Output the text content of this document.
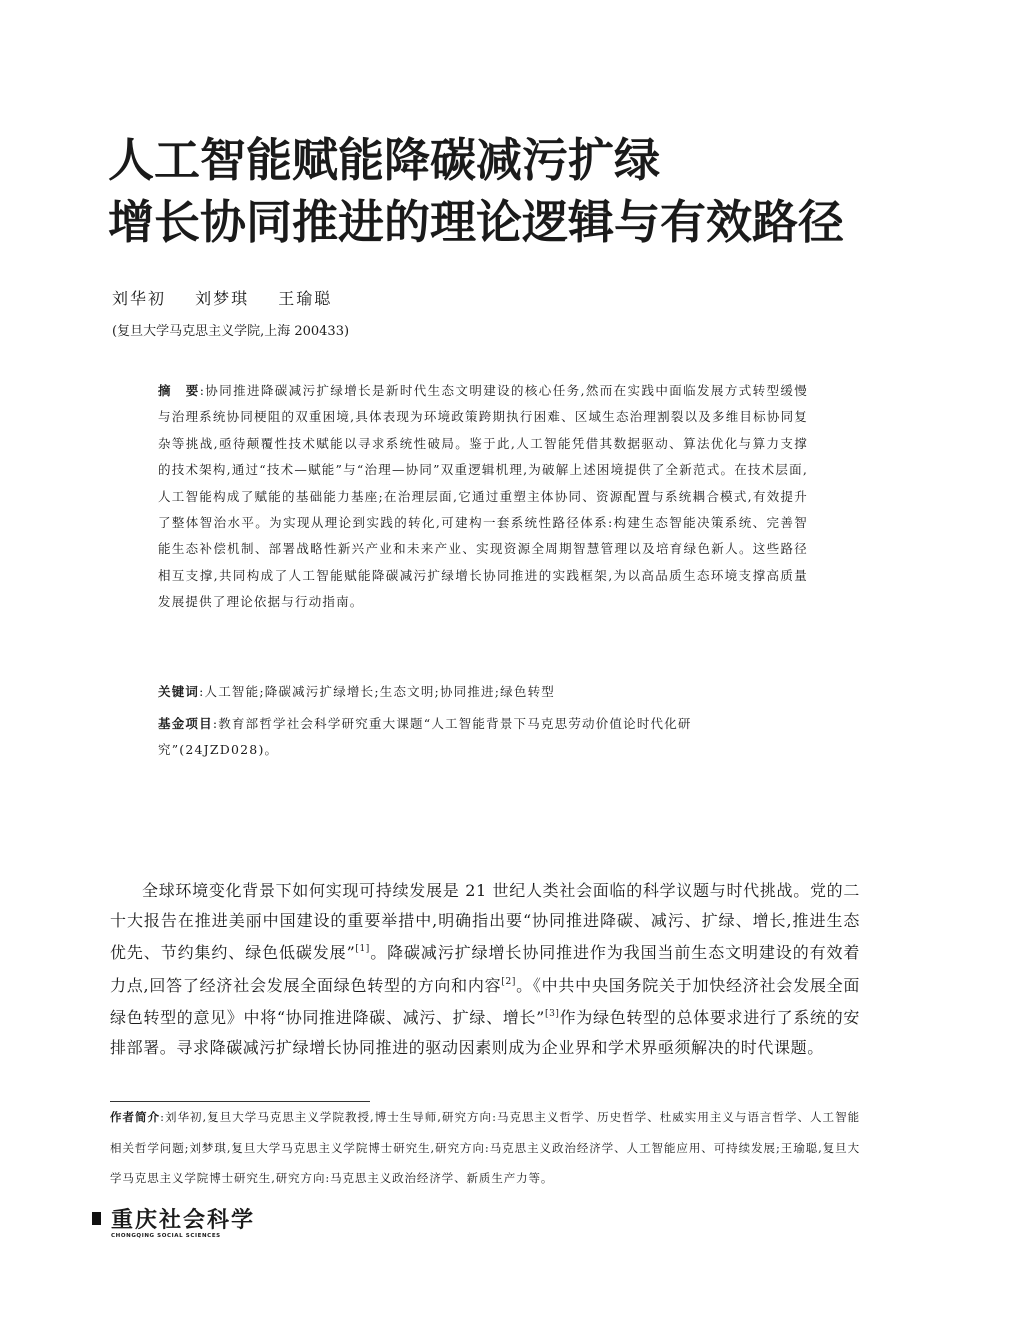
人工智能赋能降碳减污扩绿
增长协同推进的理论逻辑与有效路径
刘华初 刘梦琪 王瑜聪
(复旦大学马克思主义学院,上海 200433)

摘　要:协同推进降碳减污扩绿增长是新时代生态文明建设的核心任务,然而在实践中面临发展方式转型缓慢与治理系统协同梗阻的双重困境,具体表现为环境政策跨期执行困难、区域生态治理割裂以及多维目标协同复杂等挑战,亟待颠覆性技术赋能以寻求系统性破局。鉴于此,人工智能凭借其数据驱动、算法优化与算力支撑的技术架构,通过“技术—赋能”与“治理—协同”双重逻辑机理,为破解上述困境提供了全新范式。在技术层面,人工智能构成了赋能的基础能力基座;在治理层面,它通过重塑主体协同、资源配置与系统耦合模式,有效提升了整体智治水平。为实现从理论到实践的转化,可建构一套系统性路径体系:构建生态智能决策系统、完善智能生态补偿机制、部署战略性新兴产业和未来产业、实现资源全周期智慧管理以及培育绿色新人。这些路径相互支撑,共同构成了人工智能赋能降碳减污扩绿增长协同推进的实践框架,为以高品质生态环境支撑高质量发展提供了理论依据与行动指南。

关键词:人工智能;降碳减污扩绿增长;生态文明;协同推进;绿色转型
基金项目:教育部哲学社会科学研究重大课题“人工智能背景下马克思劳动价值论时代化研究”(24JZD028)。

全球环境变化背景下如何实现可持续发展是 21 世纪人类社会面临的科学议题与时代挑战。党的二十大报告在推进美丽中国建设的重要举措中,明确指出要“协同推进降碳、减污、扩绿、增长,推进生态优先、节约集约、绿色低碳发展”[1]。降碳减污扩绿增长协同推进作为我国当前生态文明建设的有效着力点,回答了经济社会发展全面绿色转型的方向和内容[2]。《中共中央国务院关于加快经济社会发展全面绿色转型的意见》中将“协同推进降碳、减污、扩绿、增长”[3]作为绿色转型的总体要求进行了系统的安排部署。寻求降碳减污扩绿增长协同推进的驱动因素则成为企业界和学术界亟须解决的时代课题。

作者简介:刘华初,复旦大学马克思主义学院教授,博士生导师,研究方向:马克思主义哲学、历史哲学、杜威实用主义与语言哲学、人工智能相关哲学问题;刘梦琪,复旦大学马克思主义学院博士研究生,研究方向:马克思主义政治经济学、人工智能应用、可持续发展;王瑜聪,复旦大学马克思主义学院博士研究生,研究方向:马克思主义政治经济学、新质生产力等。

重庆社会科学
CHONGQING SOCIAL SCIENCES
